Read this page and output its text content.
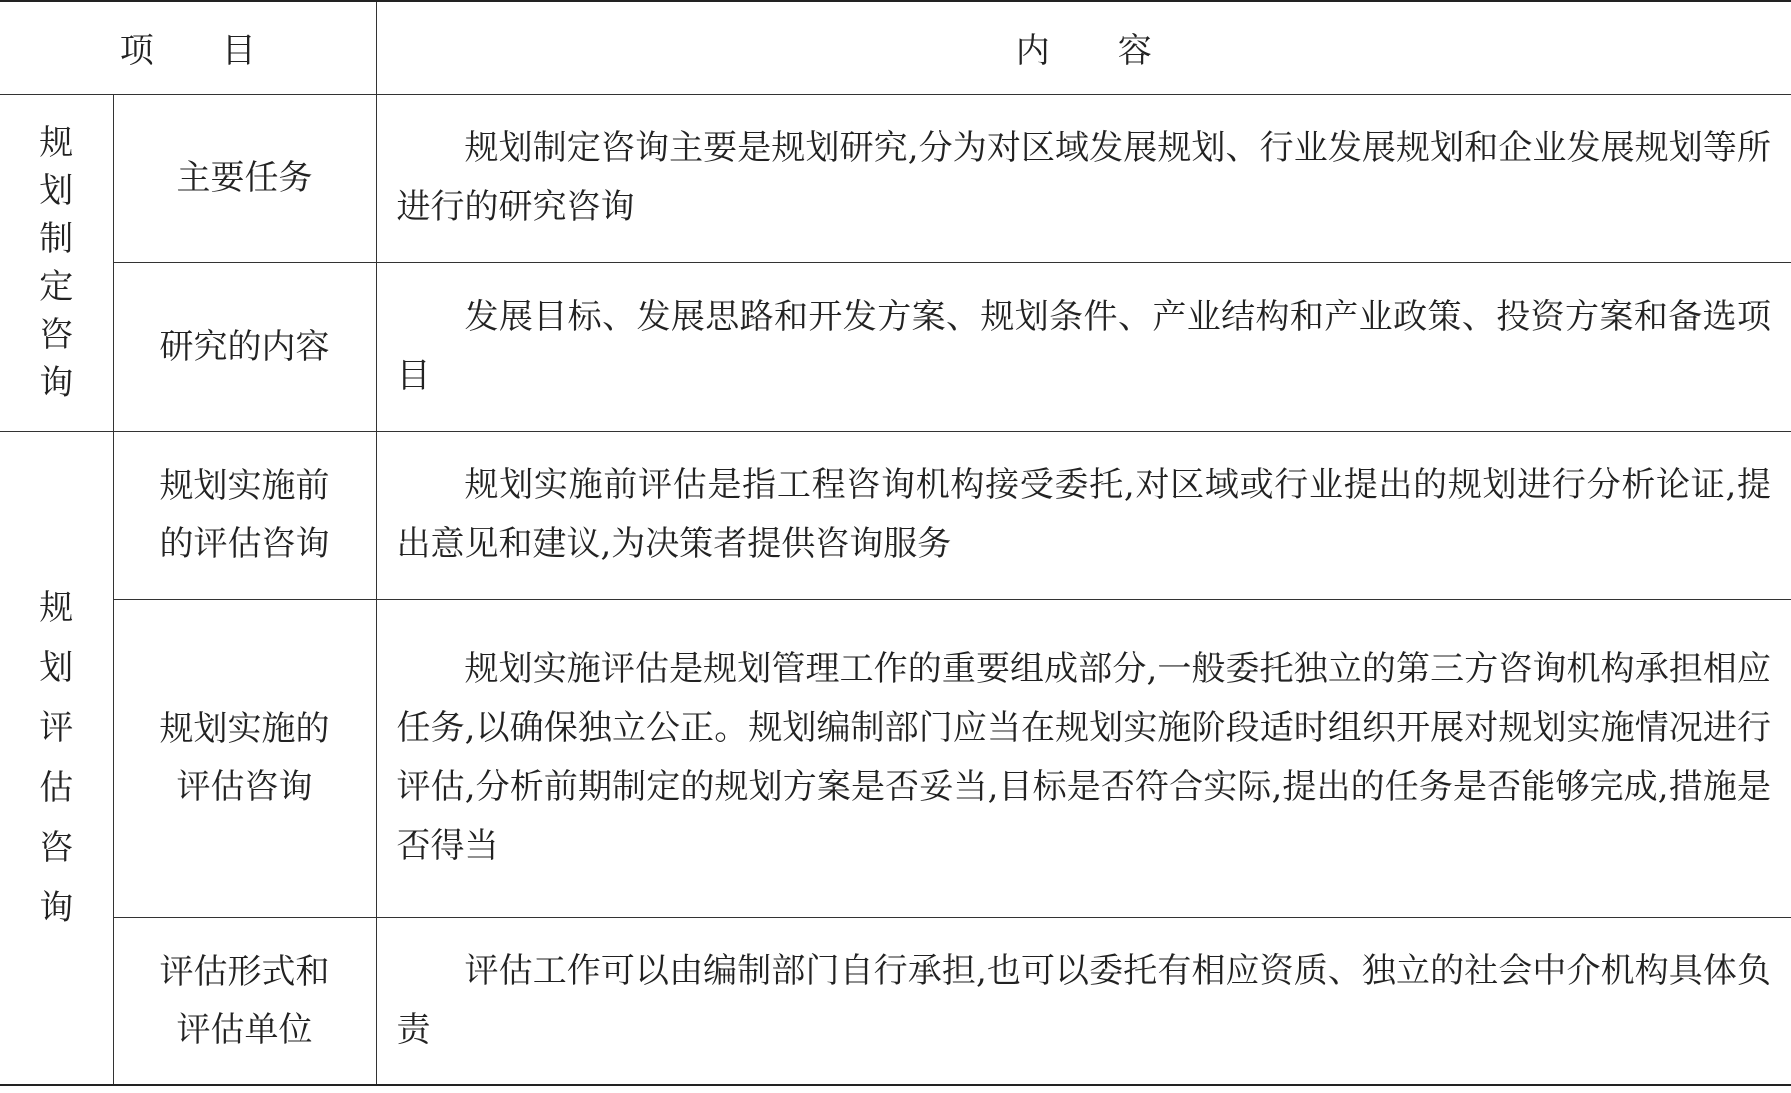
项　　目		内　　容
规划制定咨询	主要任务	规划制定咨询主要是规划研究,分为对区域发展规划、行业发展规划和企业发展规划等所进行的研究咨询
	研究的内容	发展目标、发展思路和开发方案、规划条件、产业结构和产业政策、投资方案和备选项目
规划评估咨询	规划实施前的评估咨询	规划实施前评估是指工程咨询机构接受委托,对区域或行业提出的规划进行分析论证,提出意见和建议,为决策者提供咨询服务
	规划实施的评估咨询	规划实施评估是规划管理工作的重要组成部分,一般委托独立的第三方咨询机构承担相应任务,以确保独立公正。规划编制部门应当在规划实施阶段适时组织开展对规划实施情况进行评估,分析前期制定的规划方案是否妥当,目标是否符合实际,提出的任务是否能够完成,措施是否得当
	评估形式和评估单位	评估工作可以由编制部门自行承担,也可以委托有相应资质、独立的社会中介机构具体负责
